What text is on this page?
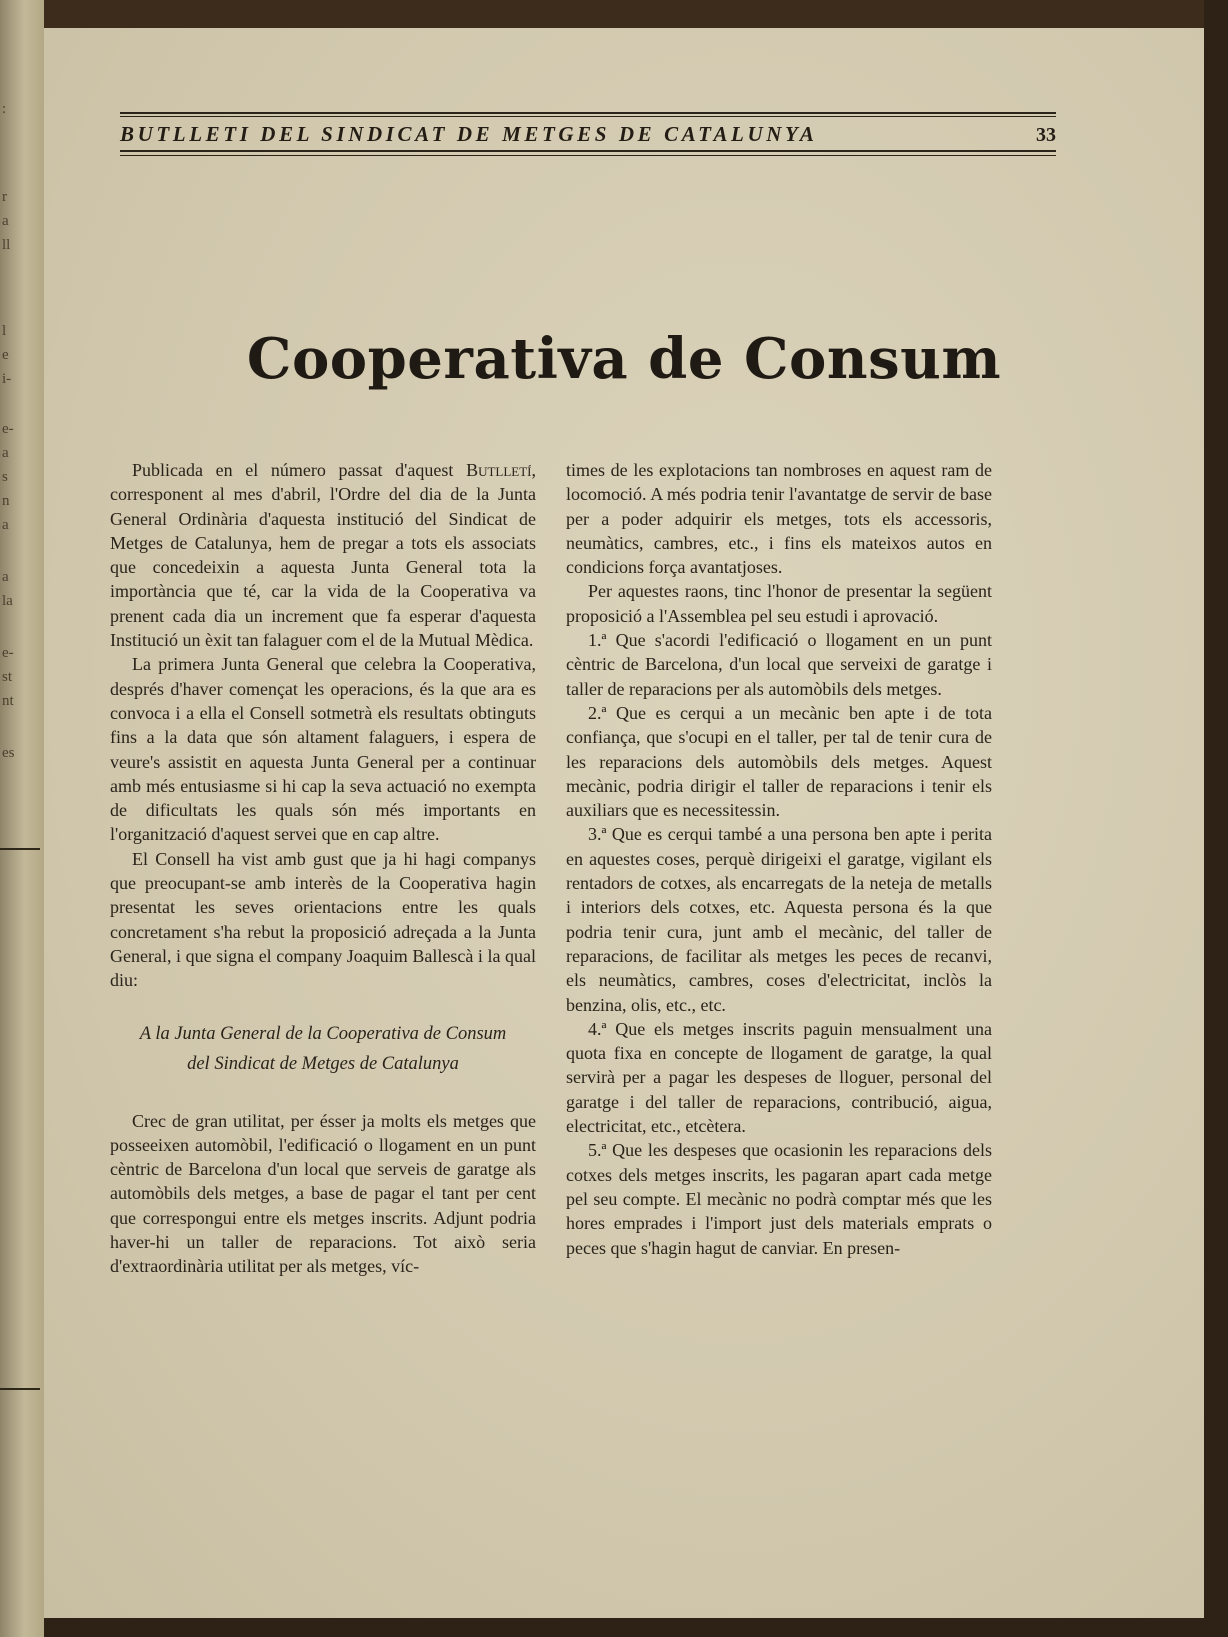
:
r
a
ll
l
e
i-
e-
a
s
n
a
a
la
e-
st
nt
es
BUTLLETI DEL SINDICAT DE METGES DE CATALUNYA	33
Cooperativa de Consum

Publicada en el número passat d'aquest Butlletí, corresponent al mes d'abril, l'Ordre del dia de la Junta General Ordinària d'aquesta institució del Sindicat de Metges de Catalunya, hem de pregar a tots els associats que concedeixin a aquesta Junta General tota la importància que té, car la vida de la Cooperativa va prenent cada dia un increment que fa esperar d'aquesta Institució un èxit tan falaguer com el de la Mutual Mèdica.

La primera Junta General que celebra la Cooperativa, després d'haver començat les operacions, és la que ara es convoca i a ella el Consell sotmetrà els resultats obtinguts fins a la data que són altament falaguers, i espera de veure's assistit en aquesta Junta General per a continuar amb més entusiasme si hi cap la seva actuació no exempta de dificultats les quals són més importants en l'organització d'aquest servei que en cap altre.

El Consell ha vist amb gust que ja hi hagi companys que preocupant-se amb interès de la Cooperativa hagin presentat les seves orientacions entre les quals concretament s'ha rebut la proposició adreçada a la Junta General, i que signa el company Joaquim Ballescà i la qual diu:

A la Junta General de la Cooperativa de Consum
del Sindicat de Metges de Catalunya

Crec de gran utilitat, per ésser ja molts els metges que posseeixen automòbil, l'edificació o llogament en un punt cèntric de Barcelona d'un local que serveis de garatge als automòbils dels metges, a base de pagar el tant per cent que correspongui entre els metges inscrits. Adjunt podria haver-hi un taller de reparacions. Tot això seria d'extraordinària utilitat per als metges, víc-

times de les explotacions tan nombroses en aquest ram de locomoció. A més podria tenir l'avantatge de servir de base per a poder adquirir els metges, tots els accessoris, neumàtics, cambres, etc., i fins els mateixos autos en condicions força avantatjoses.

Per aquestes raons, tinc l'honor de presentar la següent proposició a l'Assemblea pel seu estudi i aprovació.

1.ª Que s'acordi l'edificació o llogament en un punt cèntric de Barcelona, d'un local que serveixi de garatge i taller de reparacions per als automòbils dels metges.

2.ª Que es cerqui a un mecànic ben apte i de tota confiança, que s'ocupi en el taller, per tal de tenir cura de les reparacions dels automòbils dels metges. Aquest mecànic, podria dirigir el taller de reparacions i tenir els auxiliars que es necessitessin.

3.ª Que es cerqui també a una persona ben apte i perita en aquestes coses, perquè dirigeixi el garatge, vigilant els rentadors de cotxes, als encarregats de la neteja de metalls i interiors dels cotxes, etc. Aquesta persona és la que podria tenir cura, junt amb el mecànic, del taller de reparacions, de facilitar als metges les peces de recanvi, els neumàtics, cambres, coses d'electricitat, inclòs la benzina, olis, etc., etc.

4.ª Que els metges inscrits paguin mensualment una quota fixa en concepte de llogament de garatge, la qual servirà per a pagar les despeses de lloguer, personal del garatge i del taller de reparacions, contribució, aigua, electricitat, etc., etcètera.

5.ª Que les despeses que ocasionin les reparacions dels cotxes dels metges inscrits, les pagaran apart cada metge pel seu compte. El mecànic no podrà comptar més que les hores emprades i l'import just dels materials emprats o peces que s'hagin hagut de canviar. En presen-
